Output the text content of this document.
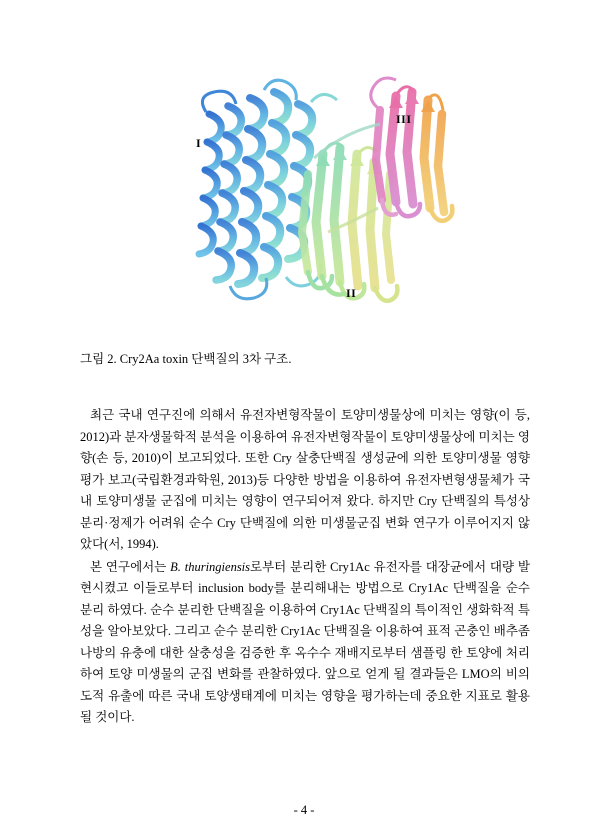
I
II
III
그림 2. Cry2Aa toxin 단백질의 3차 구조.

최근 국내 연구진에 의해서 유전자변형작물이 토양미생물상에 미치는 영향(이 등, 2012)과 분자생물학적 분석을 이용하여 유전자변형작물이 토양미생물상에 미치는 영향(손 등, 2010)이 보고되었다. 또한 Cry 살충단백질 생성균에 의한 토양미생물 영향 평가 보고(국립환경과학원, 2013)등 다양한 방법을 이용하여 유전자변형생물체가 국내 토양미생물 군집에 미치는 영향이 연구되어져 왔다. 하지만 Cry 단백질의 특성상 분리·정제가 어려워 순수 Cry 단백질에 의한 미생물군집 변화 연구가 이루어지지 않았다(서, 1994).

본 연구에서는 B. thuringiensis로부터 분리한 Cry1Ac 유전자를 대장균에서 대량 발현시켰고 이들로부터 inclusion body를 분리해내는 방법으로 Cry1Ac 단백질을 순수 분리 하였다. 순수 분리한 단백질을 이용하여 Cry1Ac 단백질의 특이적인 생화학적 특성을 알아보았다. 그리고 순수 분리한 Cry1Ac 단백질을 이용하여 표적 곤충인 배추좀나방의 유충에 대한 살충성을 검증한 후 옥수수 재배지로부터 샘플링 한 토양에 처리하여 토양 미생물의 군집 변화를 관찰하였다. 앞으로 얻게 될 결과들은 LMO의 비의도적 유출에 따른 국내 토양생태계에 미치는 영향을 평가하는데 중요한 지표로 활용될 것이다.

- 4 -
